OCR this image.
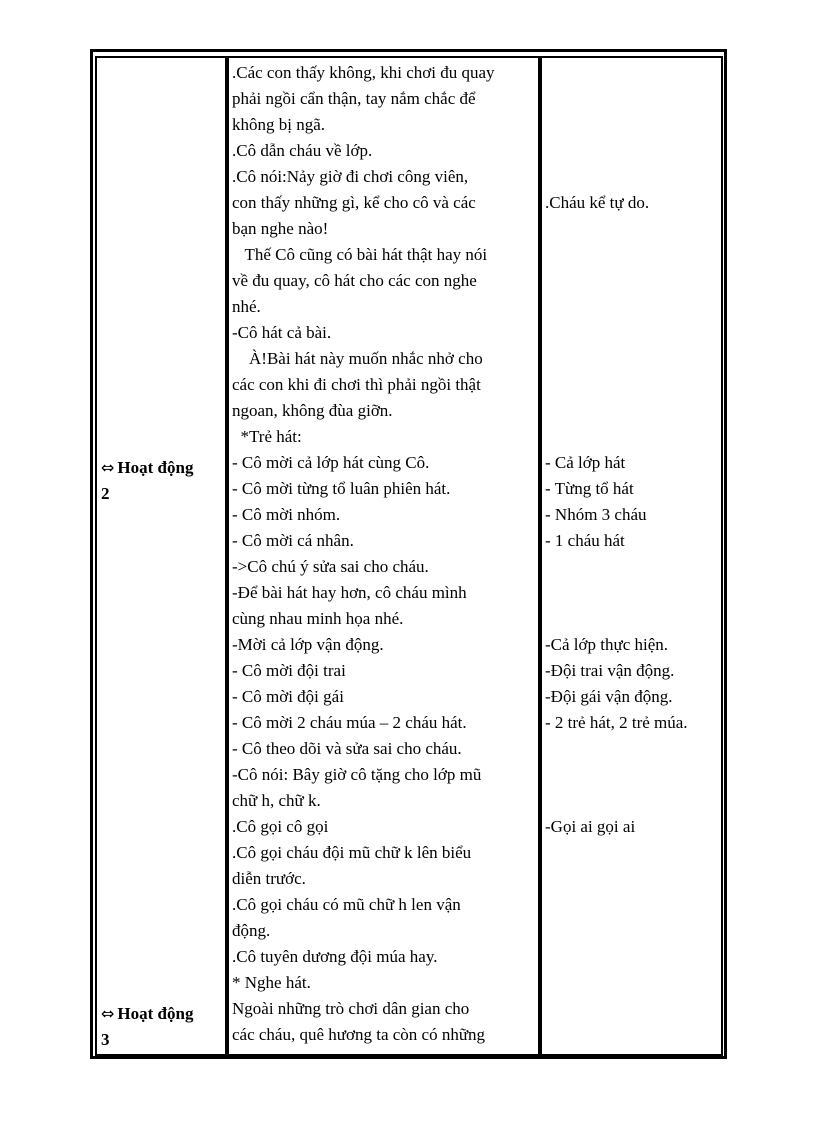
.Các con thấy không, khi chơi đu quay
phải ngồi cẩn thận, tay nắm chắc để
không bị ngã.
.Cô dẫn cháu về lớp.
.Cô nói:Nảy giờ đi chơi công viên,
con thấy những gì, kể cho cô và các
bạn nghe nào!
Thế Cô cũng có bài hát thật hay nói
về đu quay, cô hát cho các con nghe
nhé.
-Cô hát cả bài.
À!Bài hát này muốn nhắc nhở cho
các con khi đi chơi thì phải ngồi thật
ngoan, không đùa giỡn.
*Trẻ hát:
- Cô mời cả lớp hát cùng Cô.
- Cô mời từng tổ luân phiên hát.
- Cô mời nhóm.
- Cô mời cá nhân.
->Cô chú ý sửa sai cho cháu.
-Để bài hát hay hơn, cô cháu mình
cùng nhau minh họa nhé.
-Mời cả lớp vận động.
- Cô mời đội trai
- Cô mời đội gái
- Cô mời 2 cháu múa – 2 cháu hát.
- Cô theo dõi và sửa sai cho cháu.
-Cô nói: Bây giờ cô tặng cho lớp mũ
chữ h, chữ k.
.Cô gọi cô gọi
.Cô gọi cháu đội mũ chữ k lên biểu
diễn trước.
.Cô gọi cháu có mũ chữ h len vận
động.
.Cô tuyên dương đội múa hay.
* Nghe hát.
Ngoài những trò chơi dân gian cho
các cháu, quê hương ta còn có những
.Cháu kể tự do.
- Cả lớp hát
- Từng tổ hát
- Nhóm 3 cháu
- 1 cháu hát
-Cả lớp thực hiện.
-Đội trai vận động.
-Đội gái vận động.
- 2 trẻ hát, 2 trẻ múa.
-Gọi ai gọi ai
⇔ Hoạt động
2
⇔ Hoạt động
3
